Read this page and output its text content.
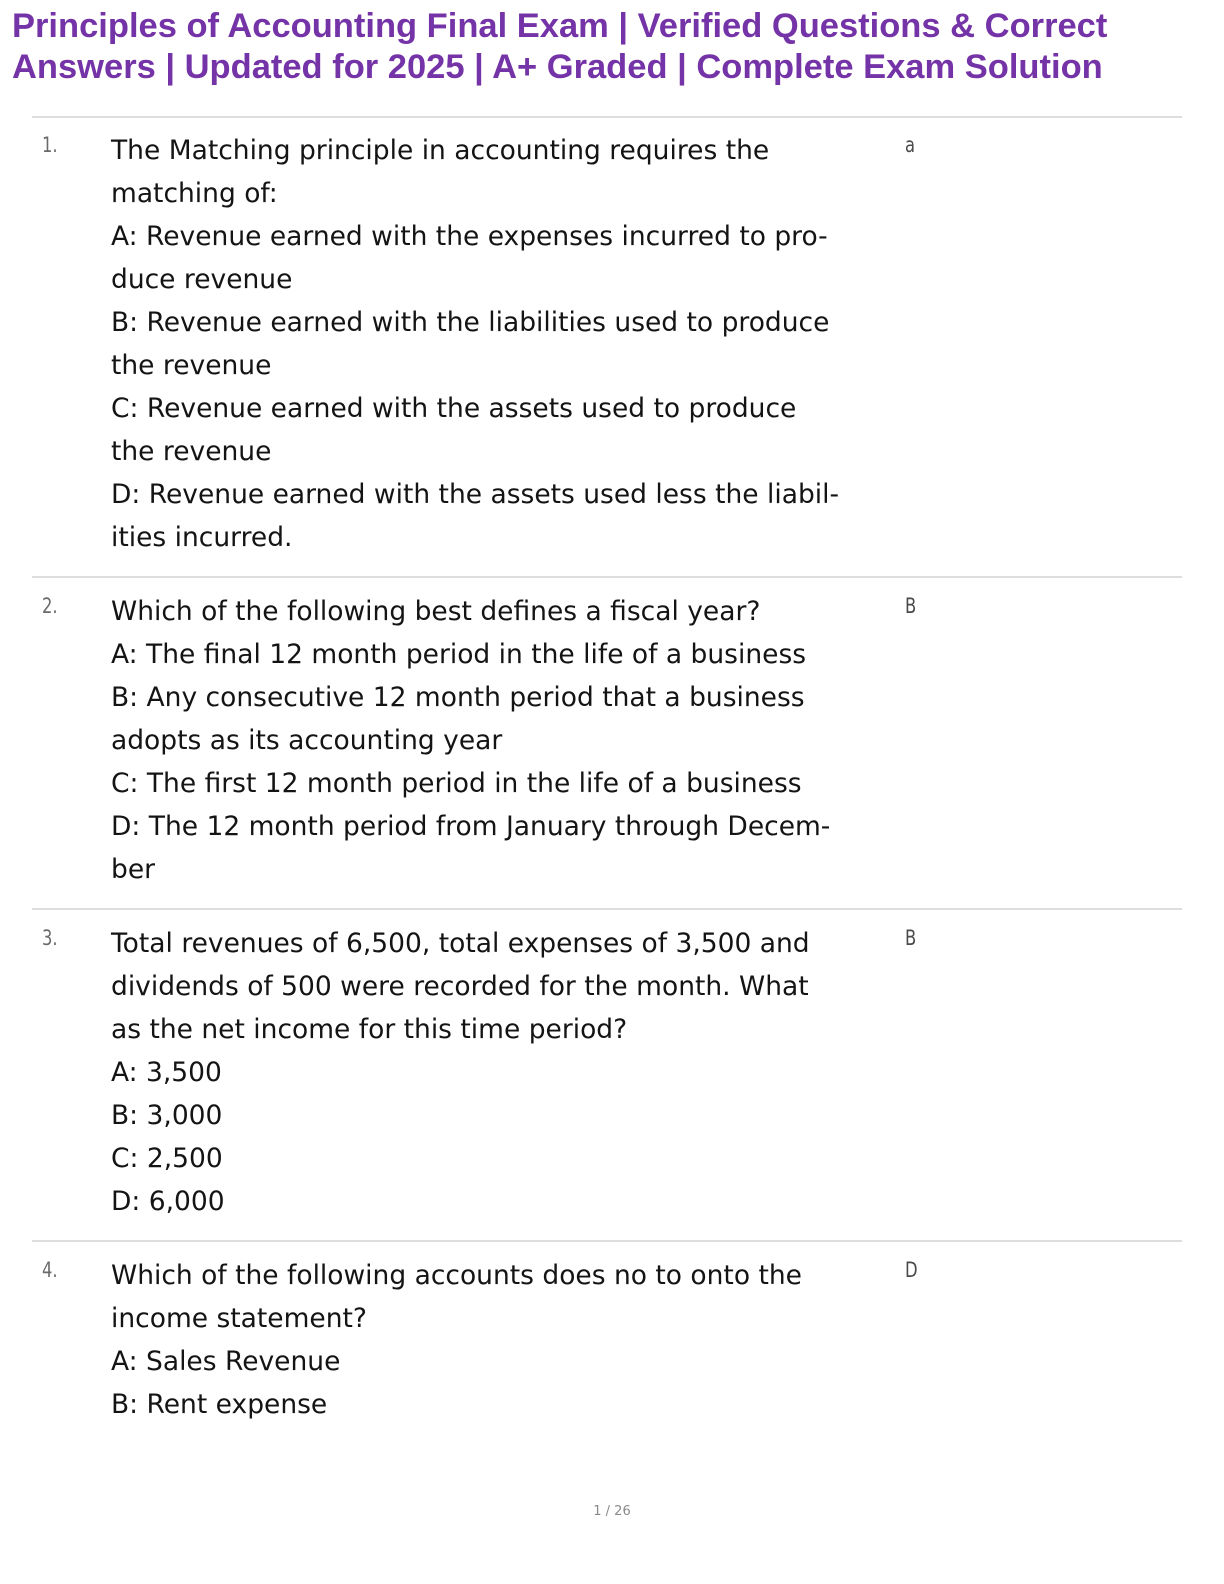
Principles of Accounting Final Exam | Verified Questions & Correct
Answers | Updated for 2025 | A+ Graded | Complete Exam Solution
1. The Matching principle in accounting requires the
matching of:
A: Revenue earned with the expenses incurred to pro-
duce revenue
B: Revenue earned with the liabilities used to produce
the revenue
C: Revenue earned with the assets used to produce
the revenue
D: Revenue earned with the assets used less the liabil-
ities incurred.
a
2. Which of the following best defines a fiscal year?
A: The final 12 month period in the life of a business
B: Any consecutive 12 month period that a business
adopts as its accounting year
C: The first 12 month period in the life of a business
D: The 12 month period from January through Decem-
ber
B
3. Total revenues of 6,500, total expenses of 3,500 and
dividends of 500 were recorded for the month. What
as the net income for this time period?
A: 3,500
B: 3,000
C: 2,500
D: 6,000
B
4. Which of the following accounts does no to onto the
income statement?
A: Sales Revenue
B: Rent expense
D
1 / 26
